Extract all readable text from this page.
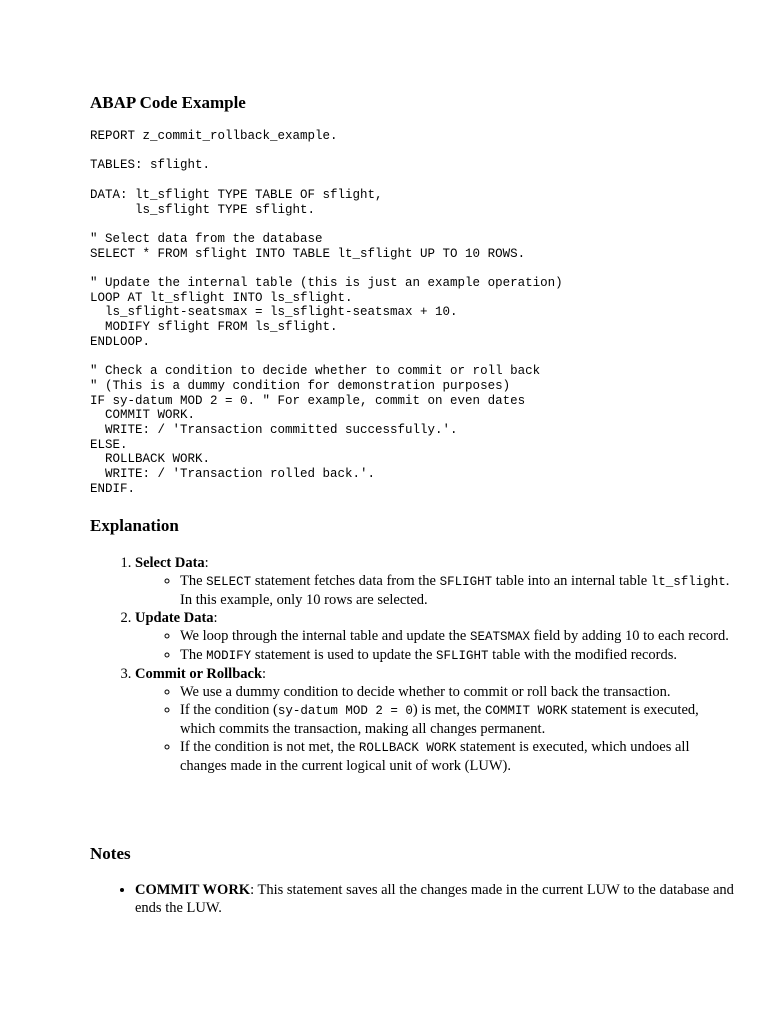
ABAP Code Example
REPORT z_commit_rollback_example.

TABLES: sflight.

DATA: lt_sflight TYPE TABLE OF sflight,
ls_sflight TYPE sflight.

" Select data from the database
SELECT * FROM sflight INTO TABLE lt_sflight UP TO 10 ROWS.

" Update the internal table (this is just an example operation)
LOOP AT lt_sflight INTO ls_sflight.
ls_sflight-seatsmax = ls_sflight-seatsmax + 10.
MODIFY sflight FROM ls_sflight.
ENDLOOP.

" Check a condition to decide whether to commit or roll back
" (This is a dummy condition for demonstration purposes)
IF sy-datum MOD 2 = 0. " For example, commit on even dates
COMMIT WORK.
WRITE: / 'Transaction committed successfully.'.
ELSE.
ROLLBACK WORK.
WRITE: / 'Transaction rolled back.'.
ENDIF.
Explanation
1. Select Data:
◦ The SELECT statement fetches data from the SFLIGHT table into an internal table lt_sflight. In this example, only 10 rows are selected.
2. Update Data:
◦ We loop through the internal table and update the SEATSMAX field by adding 10 to each record.
◦ The MODIFY statement is used to update the SFLIGHT table with the modified records.
3. Commit or Rollback:
◦ We use a dummy condition to decide whether to commit or roll back the transaction.
◦ If the condition (sy-datum MOD 2 = 0) is met, the COMMIT WORK statement is executed, which commits the transaction, making all changes permanent.
◦ If the condition is not met, the ROLLBACK WORK statement is executed, which undoes all changes made in the current logical unit of work (LUW).
Notes
• COMMIT WORK: This statement saves all the changes made in the current LUW to the database and ends the LUW.
